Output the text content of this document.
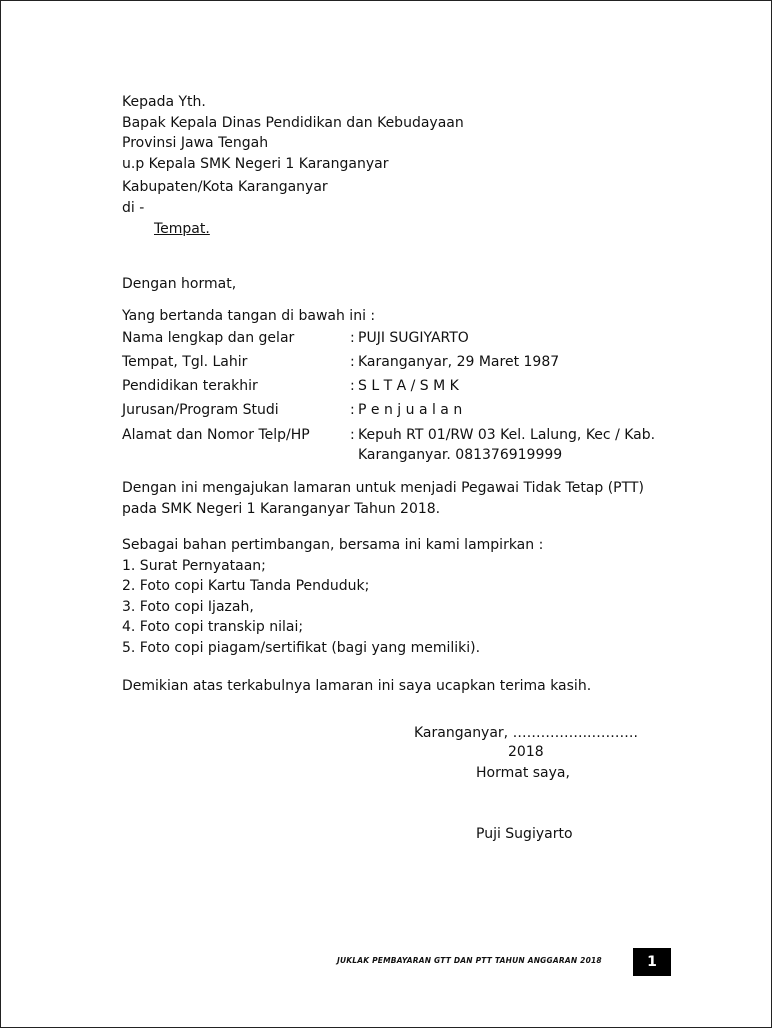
Kepada Yth.
Bapak Kepala Dinas Pendidikan dan Kebudayaan
Provinsi Jawa Tengah
u.p Kepala SMK Negeri 1 Karanganyar
Kabupaten/Kota Karanganyar
di -
Tempat.
Dengan hormat,
Yang bertanda tangan di bawah ini :
Nama lengkap dan gelar	: PUJI SUGIYARTO
Tempat, Tgl. Lahir	: Karanganyar, 29 Maret 1987
Pendidikan terakhir	: S L T A / S M K
Jurusan/Program Studi	: P e n j u a l a n
Alamat dan Nomor Telp/HP	: Kepuh RT 01/RW 03 Kel. Lalung, Kec / Kab.
Karanganyar. 081376919999
Dengan ini mengajukan lamaran untuk menjadi Pegawai Tidak Tetap (PTT)
pada SMK Negeri 1 Karanganyar Tahun 2018.
Sebagai bahan pertimbangan, bersama ini kami lampirkan :
1. Surat Pernyataan;
2. Foto copi Kartu Tanda Penduduk;
3. Foto copi Ijazah,
4. Foto copi transkip nilai;
5. Foto copi piagam/sertifikat (bagi yang memiliki).
Demikian atas terkabulnya lamaran ini saya ucapkan terima kasih.
Karanganyar, ……………..……….
2018
Hormat saya,
Puji Sugiyarto
JUKLAK PEMBAYARAN GTT DAN PTT TAHUN ANGGARAN 2018	1
